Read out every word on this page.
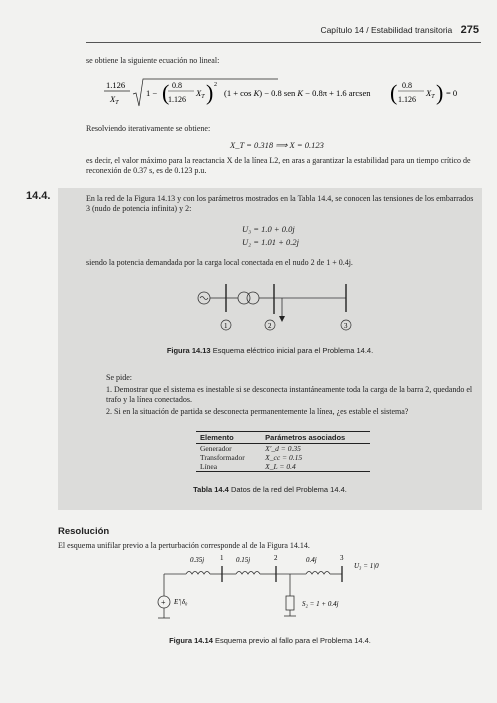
Capítulo 14 / Estabilidad transitoria 275
se obtiene la siguiente ecuación no lineal:
1.126
$X_T$
1 − ( 0.8
1.126
$X_T$ ) 2
(1 + cos K) − 0.8 sen K − 0.8π + 1.6 arcsen ( 0.8
1.126
$X_T$ ) = 0
Resolviendo iterativamente se obtiene:
X_T = 0.318 ⟹ X = 0.123
es decir, el valor máximo para la reactancia X de la línea L2, en aras a garantizar la estabilidad para un tiempo crítico de reconexión de 0.37 s, es de 0.123 p.u.
14.4.	En la red de la Figura 14.13 y con los parámetros mostrados en la Tabla 14.4, se conocen las tensiones de los embarrados 3 (nudo de potencia infinita) y 2:
U₃ = 1.0 + 0.0j
U₂ = 1.01 + 0.2j
siendo la potencia demandada por la carga local conectada en el nudo 2 de 1 + 0.4j.
1	2	3
Figura 14.13 Esquema eléctrico inicial para el Problema 14.4.
Se pide:
1. Demostrar que el sistema es inestable si se desconecta instantáneamente toda la carga de la barra 2, quedando el trafo y la línea conectados.
2. Si en la situación de partida se desconecta permanentemente la línea, ¿es estable el sistema?
Elemento	Parámetros asociados
Generador	X′_d = 0.35
Transformador	X_cc = 0.15
Línea	X_L = 0.4
Tabla 14.4 Datos de la red del Problema 14.4.
Resolución
El esquema unifilar previo a la perturbación corresponde al de la Figura 14.14.
0.35j 1 0.15j	2	0.4j	3
U₃ = 1|0
+ E′|δ₀	S₂ = 1 + 0.4j
Figura 14.14 Esquema previo al fallo para el Problema 14.4.
